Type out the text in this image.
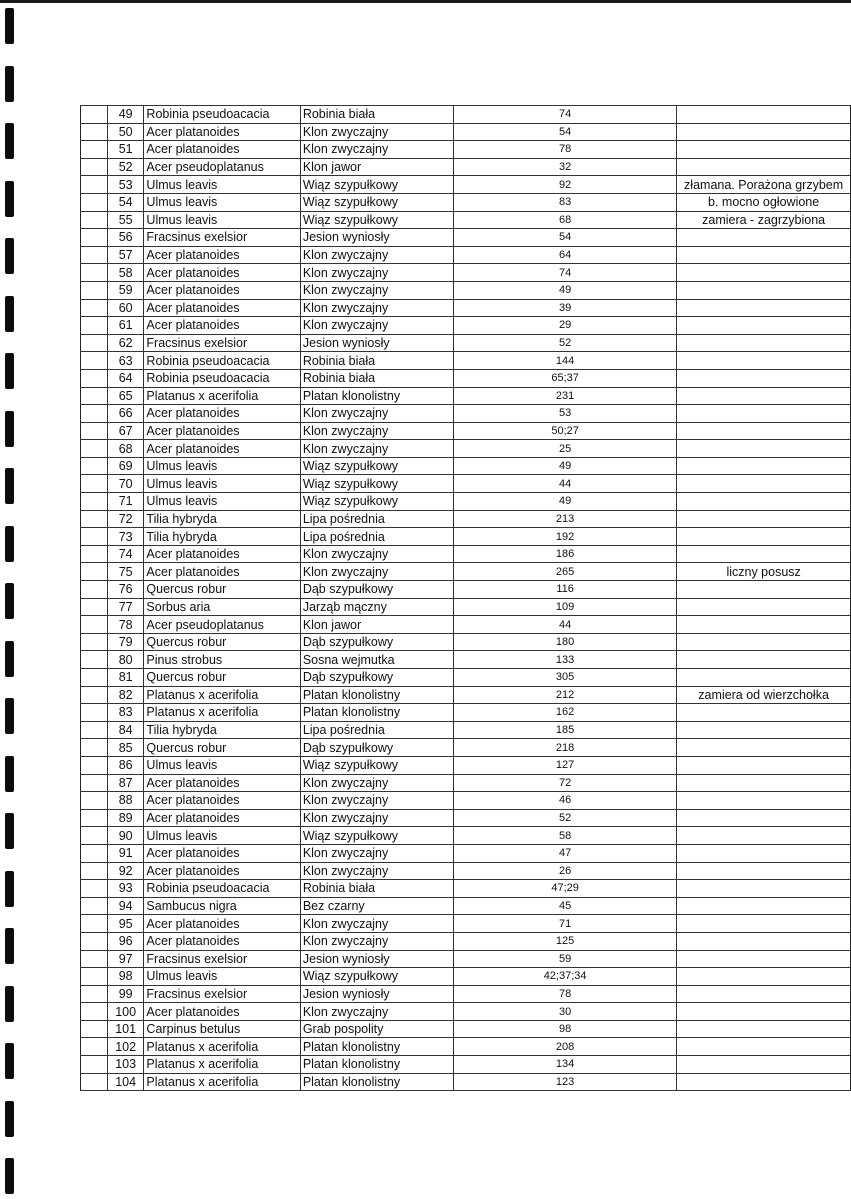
	49	Robinia pseudoacacia	Robinia biała	74	
	50	Acer platanoides	Klon zwyczajny	54	
	51	Acer platanoides	Klon zwyczajny	78	
	52	Acer pseudoplatanus	Klon jawor	32	
	53	Ulmus leavis	Wiąz szypułkowy	92	złamana. Porażona grzybem
	54	Ulmus leavis	Wiąz szypułkowy	83	b. mocno ogłowione
	55	Ulmus leavis	Wiąz szypułkowy	68	zamiera - zagrzybiona
	56	Fracsinus exelsior	Jesion wyniosły	54	
	57	Acer platanoides	Klon zwyczajny	64	
	58	Acer platanoides	Klon zwyczajny	74	
	59	Acer platanoides	Klon zwyczajny	49	
	60	Acer platanoides	Klon zwyczajny	39	
	61	Acer platanoides	Klon zwyczajny	29	
	62	Fracsinus exelsior	Jesion wyniosły	52	
	63	Robinia pseudoacacia	Robinia biała	144	
	64	Robinia pseudoacacia	Robinia biała	65;37	
	65	Platanus x acerifolia	Platan klonolistny	231	
	66	Acer platanoides	Klon zwyczajny	53	
	67	Acer platanoides	Klon zwyczajny	50;27	
	68	Acer platanoides	Klon zwyczajny	25	
	69	Ulmus leavis	Wiąz szypułkowy	49	
	70	Ulmus leavis	Wiąz szypułkowy	44	
	71	Ulmus leavis	Wiąz szypułkowy	49	
	72	Tilia hybryda	Lipa pośrednia	213	
	73	Tilia hybryda	Lipa pośrednia	192	
	74	Acer platanoides	Klon zwyczajny	186	
	75	Acer platanoides	Klon zwyczajny	265	liczny posusz
	76	Quercus robur	Dąb szypułkowy	116	
	77	Sorbus aria	Jarząb mączny	109	
	78	Acer pseudoplatanus	Klon jawor	44	
	79	Quercus robur	Dąb szypułkowy	180	
	80	Pinus strobus	Sosna wejmutka	133	
	81	Quercus robur	Dąb szypułkowy	305	
	82	Platanus x acerifolia	Platan klonolistny	212	zamiera od wierzchołka
	83	Platanus x acerifolia	Platan klonolistny	162	
	84	Tilia hybryda	Lipa pośrednia	185	
	85	Quercus robur	Dąb szypułkowy	218	
	86	Ulmus leavis	Wiąz szypułkowy	127	
	87	Acer platanoides	Klon zwyczajny	72	
	88	Acer platanoides	Klon zwyczajny	46	
	89	Acer platanoides	Klon zwyczajny	52	
	90	Ulmus leavis	Wiąz szypułkowy	58	
	91	Acer platanoides	Klon zwyczajny	47	
	92	Acer platanoides	Klon zwyczajny	26	
	93	Robinia pseudoacacia	Robinia biała	47;29	
	94	Sambucus nigra	Bez czarny	45	
	95	Acer platanoides	Klon zwyczajny	71	
	96	Acer platanoides	Klon zwyczajny	125	
	97	Fracsinus exelsior	Jesion wyniosły	59	
	98	Ulmus leavis	Wiąz szypułkowy	42;37;34	
	99	Fracsinus exelsior	Jesion wyniosły	78	
	100	Acer platanoides	Klon zwyczajny	30	
	101	Carpinus betulus	Grab pospolity	98	
	102	Platanus x acerifolia	Platan klonolistny	208	
	103	Platanus x acerifolia	Platan klonolistny	134	
	104	Platanus x acerifolia	Platan klonolistny	123	
